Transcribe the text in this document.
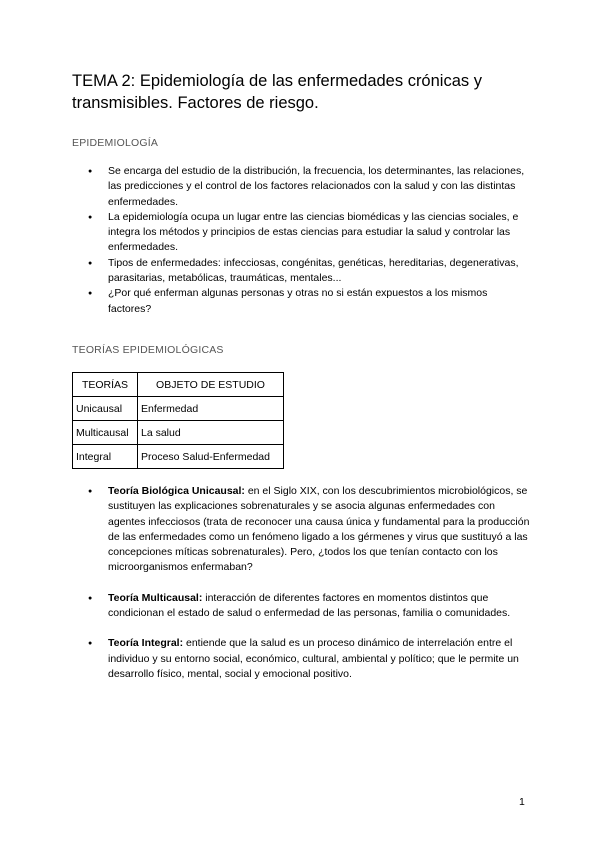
TEMA 2: Epidemiología de las enfermedades crónicas y transmisibles. Factores de riesgo.
EPIDEMIOLOGÍA
● Se encarga del estudio de la distribución, la frecuencia, los determinantes, las relaciones, las predicciones y el control de los factores relacionados con la salud y con las distintas enfermedades.
● La epidemiología ocupa un lugar entre las ciencias biomédicas y las ciencias sociales, e integra los métodos y principios de estas ciencias para estudiar la salud y controlar las enfermedades.
● Tipos de enfermedades: infecciosas, congénitas, genéticas, hereditarias, degenerativas, parasitarias, metabólicas, traumáticas, mentales...
● ¿Por qué enferman algunas personas y otras no si están expuestos a los mismos factores?
TEORÍAS EPIDEMIOLÓGICAS
TEORÍAS	OBJETO DE ESTUDIO
Unicausal	Enfermedad
Multicausal	La salud
Integral	Proceso Salud-Enfermedad
● Teoría Biológica Unicausal: en el Siglo XIX, con los descubrimientos microbiológicos, se sustituyen las explicaciones sobrenaturales y se asocia algunas enfermedades con agentes infecciosos (trata de reconocer una causa única y fundamental para la producción de las enfermedades como un fenómeno ligado a los gérmenes y virus que sustituyó a las concepciones míticas sobrenaturales). Pero, ¿todos los que tenían contacto con los microorganismos enfermaban?
● Teoría Multicausal: interacción de diferentes factores en momentos distintos que condicionan el estado de salud o enfermedad de las personas, familia o comunidades.
● Teoría Integral: entiende que la salud es un proceso dinámico de interrelación entre el individuo y su entorno social, económico, cultural, ambiental y político; que le permite un desarrollo físico, mental, social y emocional positivo.
1
